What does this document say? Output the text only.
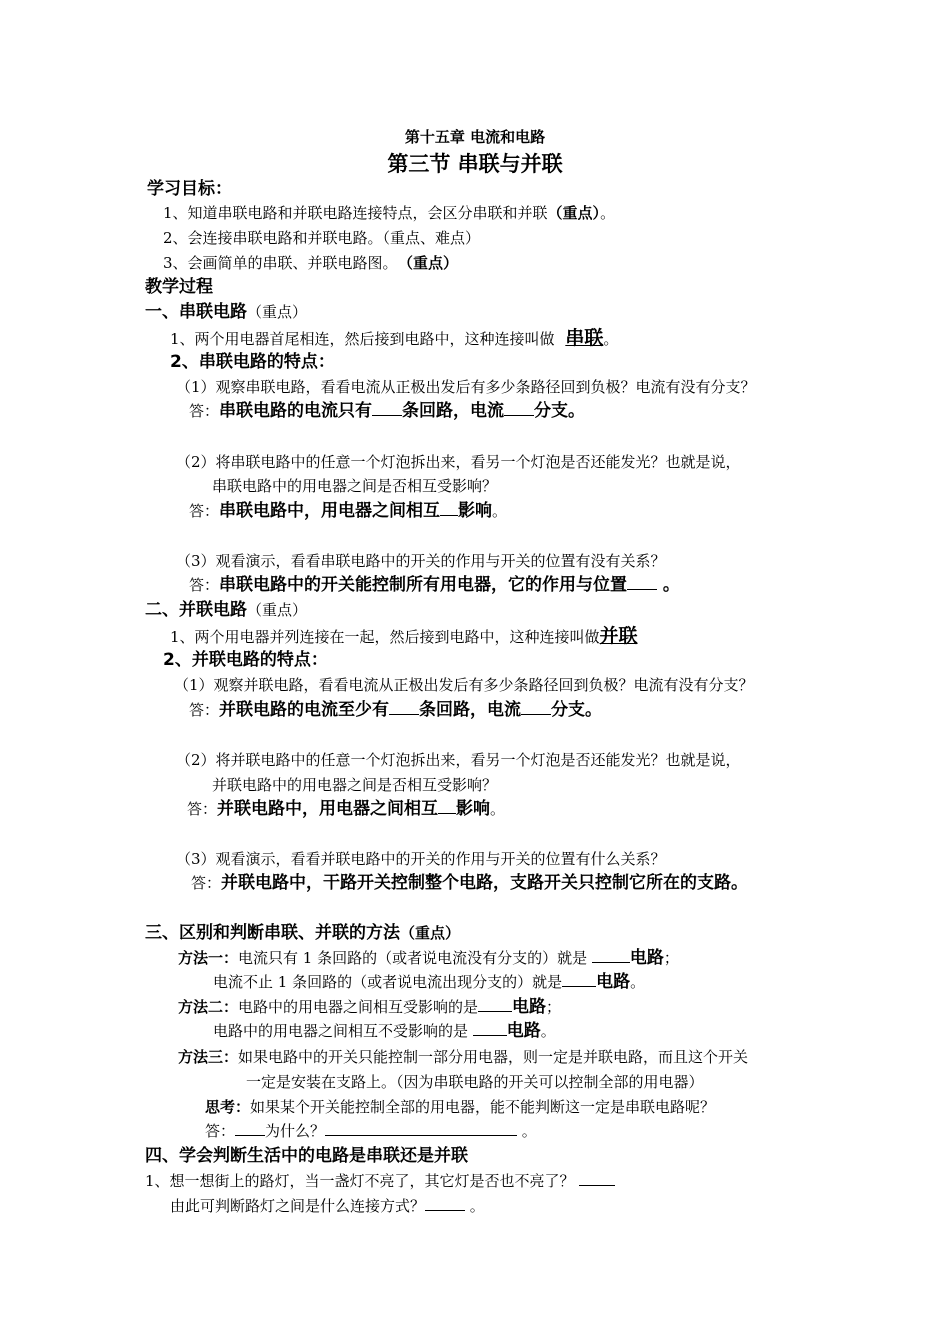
第十五章 电流和电路
第三节 串联与并联
学习目标：
1、知道串联电路和并联电路连接特点，会区分串联和并联（重点）。
2、会连接串联电路和并联电路。（重点、难点）
3、会画简单的串联、并联电路图。 （重点）
教学过程
一、串联电路（重点）
1、两个用电器首尾相连，然后接到电路中，这种连接叫做 串联。
2、串联电路的特点：
（1）观察串联电路，看看电流从正极出发后有多少条路径回到负极？电流有没有分支？
答：串联电路的电流只有 条回路，电流 分支。
（2）将串联电路中的任意一个灯泡拆出来，看另一个灯泡是否还能发光？也就是说，
串联电路中的用电器之间是否相互受影响？
答：串联电路中，用电器之间相互 影响。
（3）观看演示，看看串联电路中的开关的作用与开关的位置有没有关系？
答：串联电路中的开关能控制所有用电器，它的作用与位置 。
二、并联电路（重点）
1、两个用电器并列连接在一起，然后接到电路中，这种连接叫做并联
2、并联电路的特点：
（1）观察并联电路，看看电流从正极出发后有多少条路径回到负极？电流有没有分支？
答：并联电路的电流至少有 条回路，电流 分支。
（2）将并联电路中的任意一个灯泡拆出来，看另一个灯泡是否还能发光？也就是说，
并联电路中的用电器之间是否相互受影响？
答：并联电路中，用电器之间相互 影响。
（3）观看演示，看看并联电路中的开关的作用与开关的位置有什么关系？
答：并联电路中，干路开关控制整个电路，支路开关只控制它所在的支路。
三、区别和判断串联、并联的方法（重点）
方法一：电流只有 1 条回路的（或者说电流没有分支的）就是 电路；
电流不止 1 条回路的（或者说电流出现分支的）就是 电路。
方法二：电路中的用电器之间相互受影响的是 电路；
电路中的用电器之间相互不受影响的是 电路。
方法三：如果电路中的开关只能控制一部分用电器，则一定是并联电路，而且这个开关
一定是安装在支路上。（因为串联电路的开关可以控制全部的用电器）
思考：如果某个开关能控制全部的用电器，能不能判断这一定是串联电路呢？
答： 为什么？	。
四、学会判断生活中的电路是串联还是并联
1、想一想街上的路灯，当一盏灯不亮了，其它灯是否也不亮了？
由此可判断路灯之间是什么连接方式？	。
